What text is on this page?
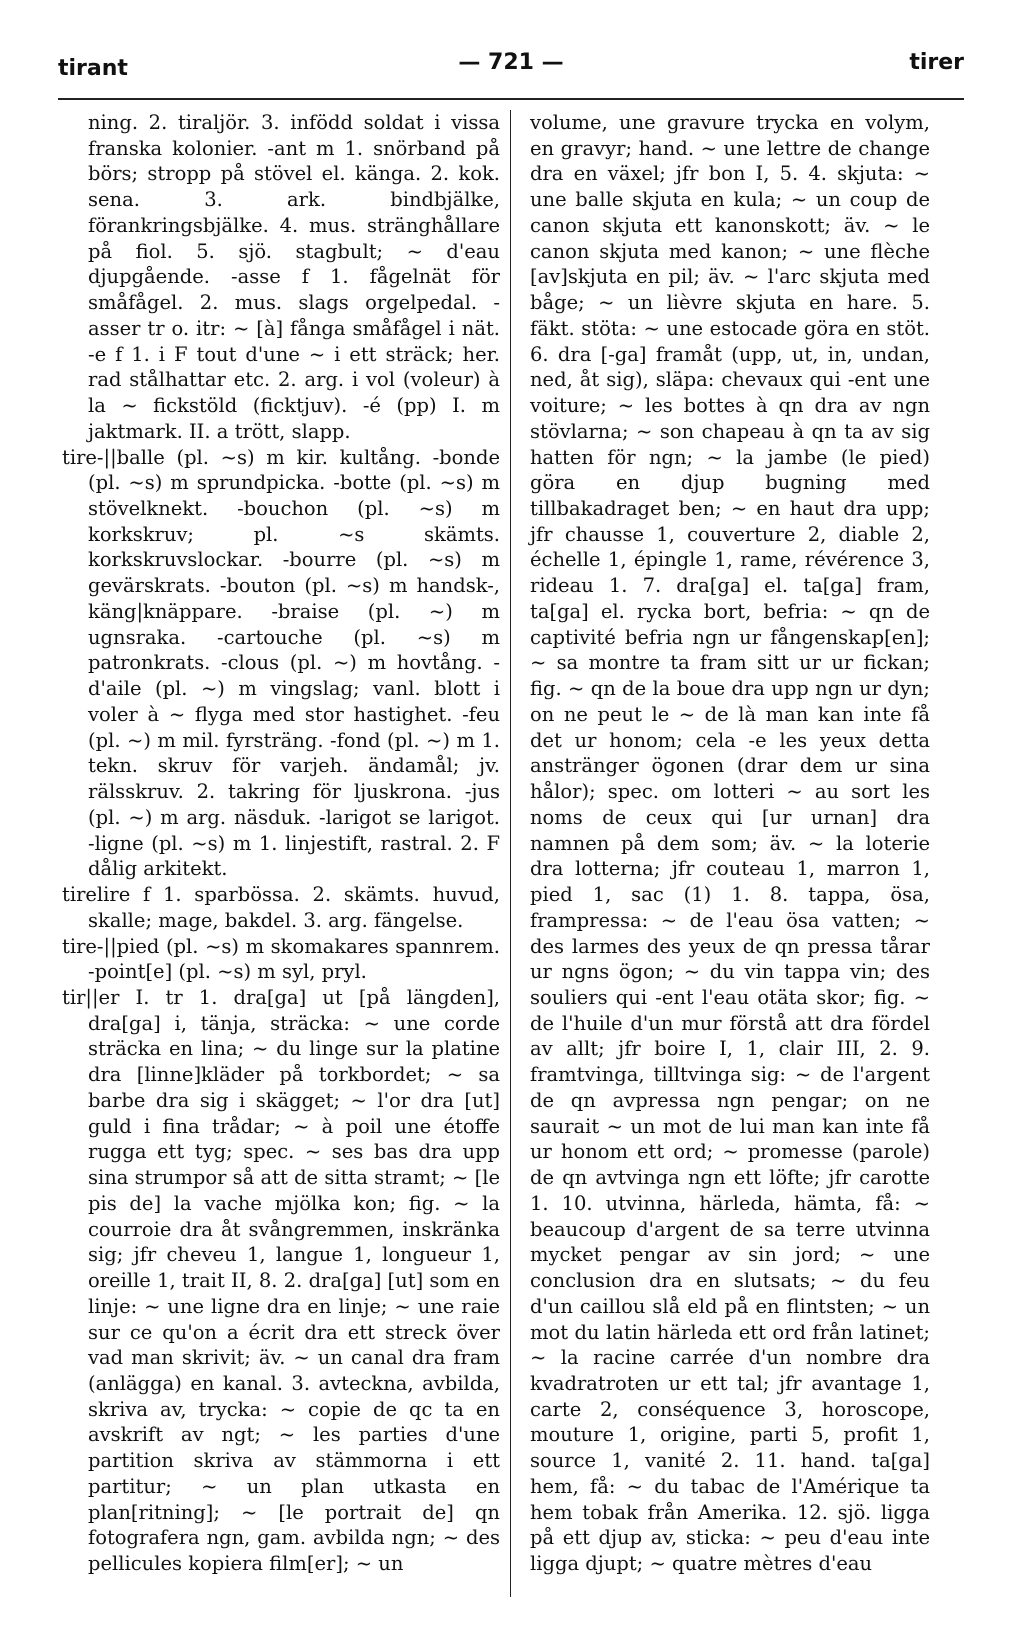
tirant	— 721 —	tirer

ning. 2. tiraljör. 3. infödd soldat i vissa franska kolonier. -ant m 1. snörband på börs; stropp på stövel el. känga. 2. kok. sena. 3. ark. bindbjälke, förankringsbjälke. 4. mus. stränghållare på fiol. 5. sjö. stagbult; ~ d'eau djupgående. -asse f 1. fågelnät för småfågel. 2. mus. slags orgelpedal. -asser tr o. itr: ~ [à] fånga småfågel i nät. -e f 1. i F tout d'une ~ i ett sträck; her. rad stålhattar etc. 2. arg. i vol (voleur) à la ~ fickstöld (ficktjuv). -é (pp) I. m jaktmark. II. a trött, slapp.

tire-||balle (pl. ~s) m kir. kultång. -bonde (pl. ~s) m sprundpicka. -botte (pl. ~s) m stövelknekt. -bouchon (pl. ~s) m korkskruv; pl. ~s skämts. korkskruvslockar. -bourre (pl. ~s) m gevärskrats. -bouton (pl. ~s) m handsk-, käng|knäppare. -braise (pl. ~) m ugnsraka. -cartouche (pl. ~s) m patronkrats. -clous (pl. ~) m hovtång. -d'aile (pl. ~) m vingslag; vanl. blott i voler à ~ flyga med stor hastighet. -feu (pl. ~) m mil. fyrsträng. -fond (pl. ~) m 1. tekn. skruv för varjeh. ändamål; jv. rälsskruv. 2. takring för ljuskrona. -jus (pl. ~) m arg. näsduk. -larigot se larigot. -ligne (pl. ~s) m 1. linjestift, rastral. 2. F dålig arkitekt.

tirelire f 1. sparbössa. 2. skämts. huvud, skalle; mage, bakdel. 3. arg. fängelse.

tire-||pied (pl. ~s) m skomakares spannrem. -point[e] (pl. ~s) m syl, pryl.

tir||er I. tr 1. dra[ga] ut [på längden], dra[ga] i, tänja, sträcka: ~ une corde sträcka en lina; ~ du linge sur la platine dra [linne]kläder på torkbordet; ~ sa barbe dra sig i skägget; ~ l'or dra [ut] guld i fina trådar; ~ à poil une étoffe rugga ett tyg; spec. ~ ses bas dra upp sina strumpor så att de sitta stramt; ~ [le pis de] la vache mjölka kon; fig. ~ la courroie dra åt svångremmen, inskränka sig; jfr cheveu 1, langue 1, longueur 1, oreille 1, trait II, 8. 2. dra[ga] [ut] som en linje: ~ une ligne dra en linje; ~ une raie sur ce qu'on a écrit dra ett streck över vad man skrivit; äv. ~ un canal dra fram (anlägga) en kanal. 3. avteckna, avbilda, skriva av, trycka: ~ copie de qc ta en avskrift av ngt; ~ les parties d'une partition skriva av stämmorna i ett partitur; ~ un plan utkasta en plan[ritning]; ~ [le portrait de] qn fotografera ngn, gam. avbilda ngn; ~ des pellicules kopiera film[er]; ~ un

volume, une gravure trycka en volym, en gravyr; hand. ~ une lettre de change dra en växel; jfr bon I, 5. 4. skjuta: ~ une balle skjuta en kula; ~ un coup de canon skjuta ett kanonskott; äv. ~ le canon skjuta med kanon; ~ une flèche [av]skjuta en pil; äv. ~ l'arc skjuta med båge; ~ un lièvre skjuta en hare. 5. fäkt. stöta: ~ une estocade göra en stöt. 6. dra [-ga] framåt (upp, ut, in, undan, ned, åt sig), släpa: chevaux qui -ent une voiture; ~ les bottes à qn dra av ngn stövlarna; ~ son chapeau à qn ta av sig hatten för ngn; ~ la jambe (le pied) göra en djup bugning med tillbakadraget ben; ~ en haut dra upp; jfr chausse 1, couverture 2, diable 2, échelle 1, épingle 1, rame, révérence 3, rideau 1. 7. dra[ga] el. ta[ga] fram, ta[ga] el. rycka bort, befria: ~ qn de captivité befria ngn ur fångenskap[en]; ~ sa montre ta fram sitt ur ur fickan; fig. ~ qn de la boue dra upp ngn ur dyn; on ne peut le ~ de là man kan inte få det ur honom; cela -e les yeux detta anstränger ögonen (drar dem ur sina hålor); spec. om lotteri ~ au sort les noms de ceux qui [ur urnan] dra namnen på dem som; äv. ~ la loterie dra lotterna; jfr couteau 1, marron 1, pied 1, sac (1) 1. 8. tappa, ösa, frampressa: ~ de l'eau ösa vatten; ~ des larmes des yeux de qn pressa tårar ur ngns ögon; ~ du vin tappa vin; des souliers qui -ent l'eau otäta skor; fig. ~ de l'huile d'un mur förstå att dra fördel av allt; jfr boire I, 1, clair III, 2. 9. framtvinga, tilltvinga sig: ~ de l'argent de qn avpressa ngn pengar; on ne saurait ~ un mot de lui man kan inte få ur honom ett ord; ~ promesse (parole) de qn avtvinga ngn ett löfte; jfr carotte 1. 10. utvinna, härleda, hämta, få: ~ beaucoup d'argent de sa terre utvinna mycket pengar av sin jord; ~ une conclusion dra en slutsats; ~ du feu d'un caillou slå eld på en flintsten; ~ un mot du latin härleda ett ord från latinet; ~ la racine carrée d'un nombre dra kvadratroten ur ett tal; jfr avantage 1, carte 2, conséquence 3, horoscope, mouture 1, origine, parti 5, profit 1, source 1, vanité 2. 11. hand. ta[ga] hem, få: ~ du tabac de l'Amérique ta hem tobak från Amerika. 12. sjö. ligga på ett djup av, sticka: ~ peu d'eau inte ligga djupt; ~ quatre mètres d'eau
